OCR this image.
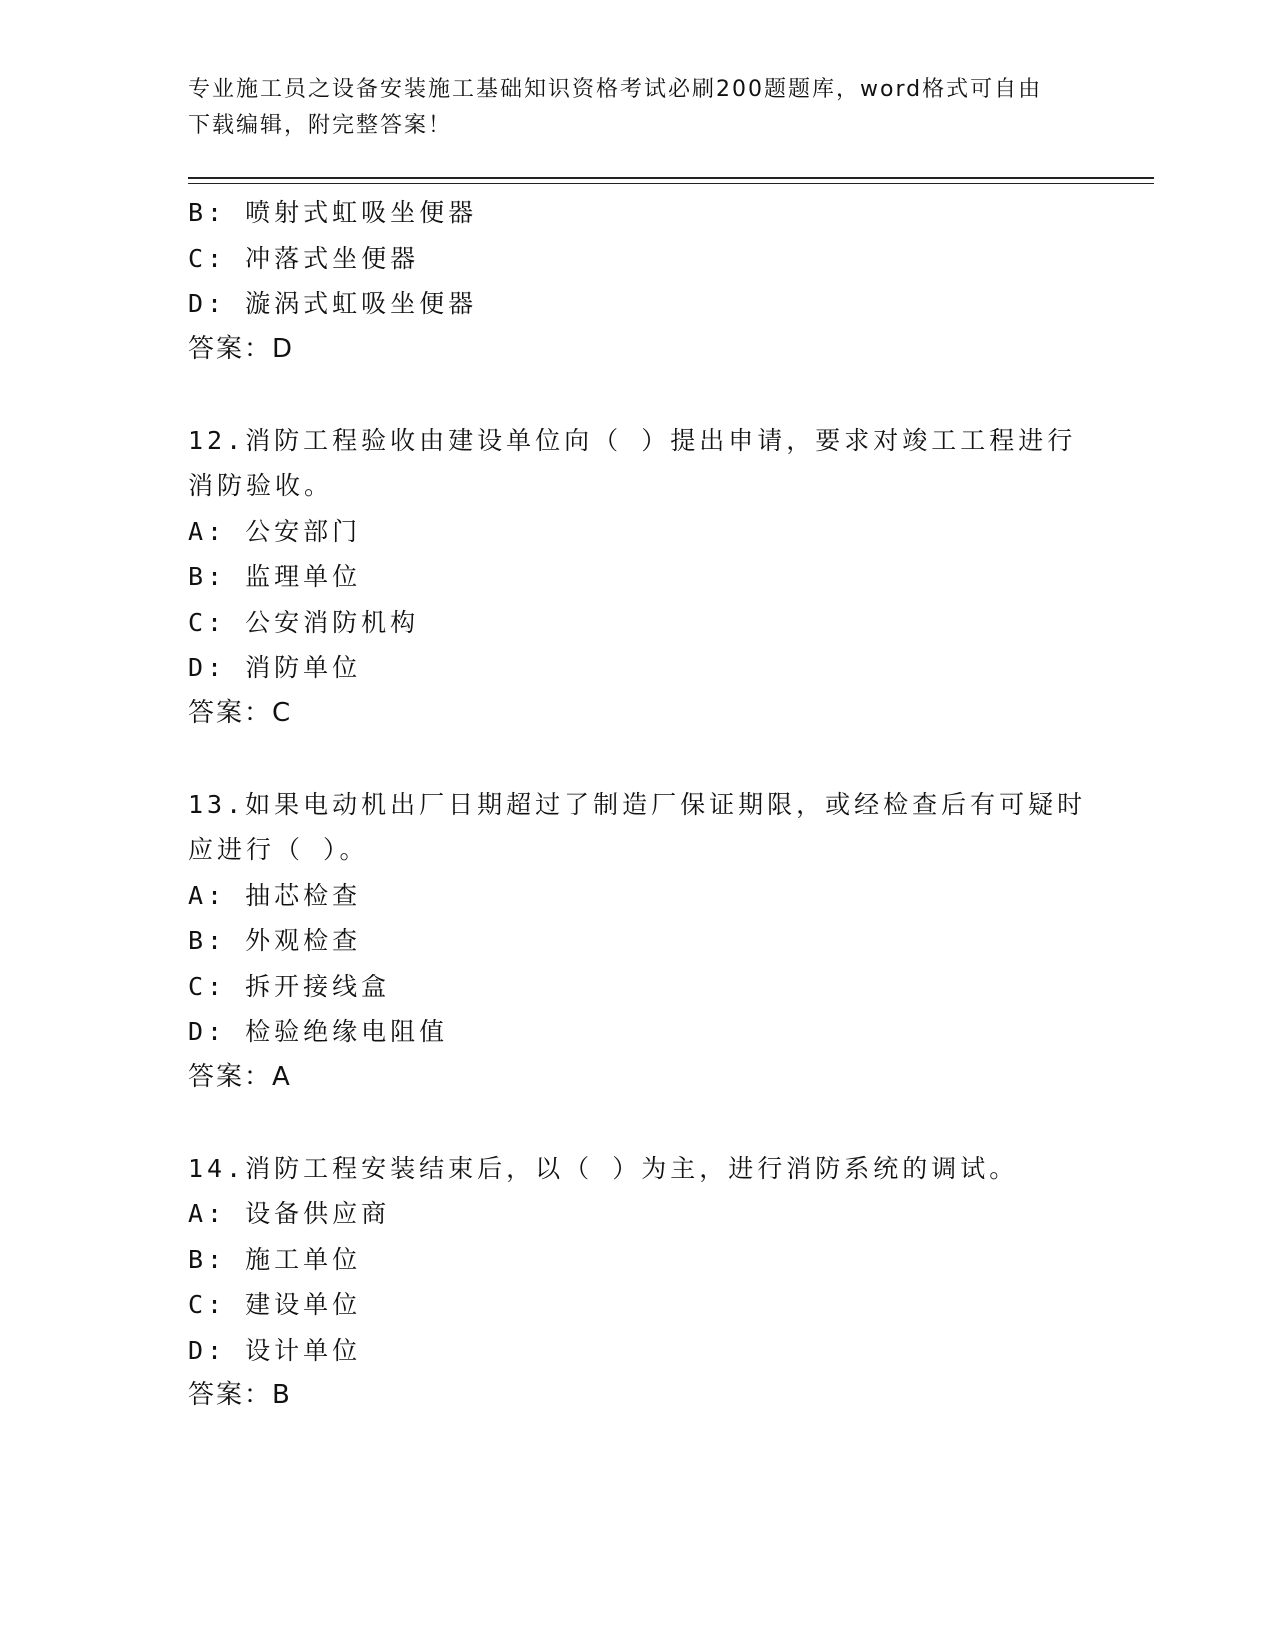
专业施工员之设备安装施工基础知识资格考试必刷200题题库，word格式可自由
下载编辑，附完整答案！
B: 喷射式虹吸坐便器
C: 冲落式坐便器
D: 漩涡式虹吸坐便器
答案：D
12.消防工程验收由建设单位向（ ）提出申请，要求对竣工工程进行
消防验收。
A: 公安部门
B: 监理单位
C: 公安消防机构
D: 消防单位
答案：C
13.如果电动机出厂日期超过了制造厂保证期限，或经检查后有可疑时
应进行（ ）。
A: 抽芯检查
B: 外观检查
C: 拆开接线盒
D: 检验绝缘电阻值
答案：A
14.消防工程安装结束后，以（ ）为主，进行消防系统的调试。
A: 设备供应商
B: 施工单位
C: 建设单位
D: 设计单位
答案：B
